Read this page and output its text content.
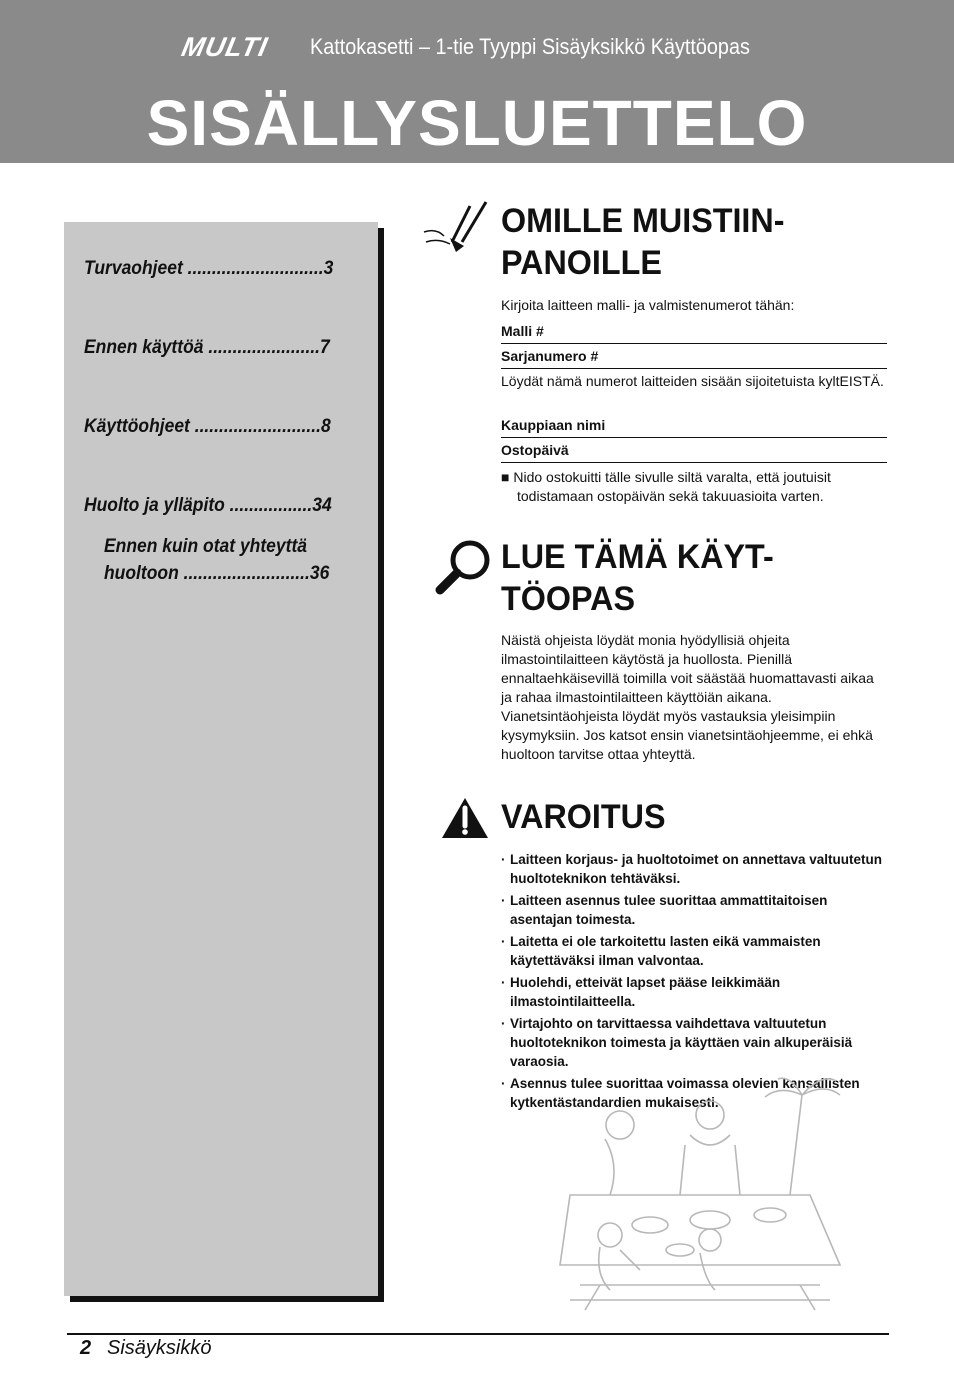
MULTI Kattokasetti – 1-tie Tyyppi Sisäyksikkö Käyttöopas
SISÄLLYSLUETTELO
Turvaohjeet ............................3
Ennen käyttöä .......................7
Käyttöohjeet ..........................8
Huolto ja ylläpito .................34
Ennen kuin otat yhteyttä huoltoon ..........................36
OMILLE MUISTIIN-
PANOILLE
Kirjoita laitteen malli- ja valmistenumerot tähän:
Malli #
Sarjanumero #
Löydät nämä numerot laitteiden sisään sijoitetuista kyltEISTÄ.
Kauppiaan nimi
Ostopäivä
■ Nido ostokuitti tälle sivulle siltä varalta, että joutuisit todistamaan ostopäivän sekä takuuasioita varten.
LUE TÄMÄ KÄYT-
TÖOPAS
Näistä ohjeista löydät monia hyödyllisiä ohjeita ilmastointilaitteen käytöstä ja huollosta. Pienillä ennaltaehkäisevillä toimilla voit säästää huomattavasti aikaa ja rahaa ilmastointilaitteen käyttöiän aikana. Vianetsintäohjeista löydät myös vastauksia yleisimpiin kysymyksiin. Jos katsot ensin vianetsintäohjeemme, ei ehkä huoltoon tarvitse ottaa yhteyttä.
VAROITUS
· Laitteen korjaus- ja huoltotoimet on annettava valtuutetun huoltoteknikon tehtäväksi.
· Laitteen asennus tulee suorittaa ammattitaitoisen asentajan toimesta.
· Laitetta ei ole tarkoitettu lasten eikä vammaisten käytettäväksi ilman valvontaa.
· Huolehdi, etteivät lapset pääse leikkimään ilmastointilaitteella.
· Virtajohto on tarvittaessa vaihdettava valtuutetun huoltoteknikon toimesta ja käyttäen vain alkuperäisiä varaosia.
· Asennus tulee suorittaa voimassa olevien kansallisten kytkentästandardien mukaisesti.
2 Sisäyksikkö
